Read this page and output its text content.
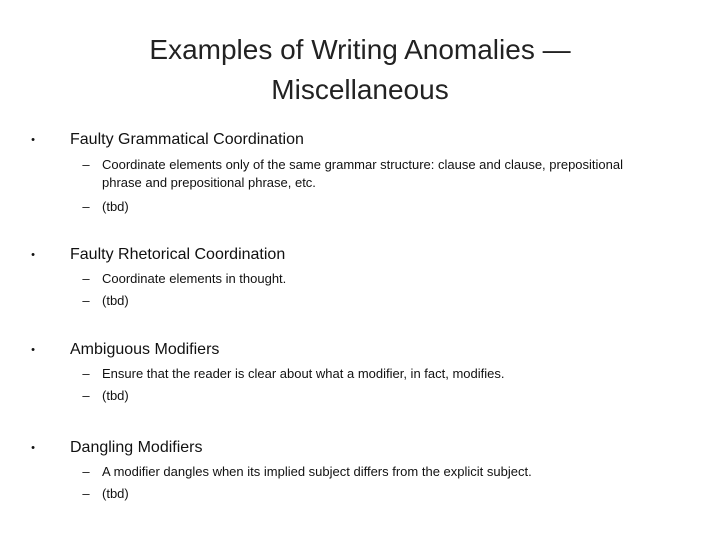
Examples of Writing Anomalies —
Miscellaneous
•	Faulty Grammatical Coordination
– Coordinate elements only of the same grammar structure: clause and clause, prepositional phrase and prepositional phrase, etc.
– (tbd)
•	Faulty Rhetorical Coordination
– Coordinate elements in thought.
– (tbd)
•	Ambiguous Modifiers
– Ensure that the reader is clear about what a modifier, in fact, modifies.
– (tbd)
•	Dangling Modifiers
– A modifier dangles when its implied subject differs from the explicit subject.
– (tbd)
